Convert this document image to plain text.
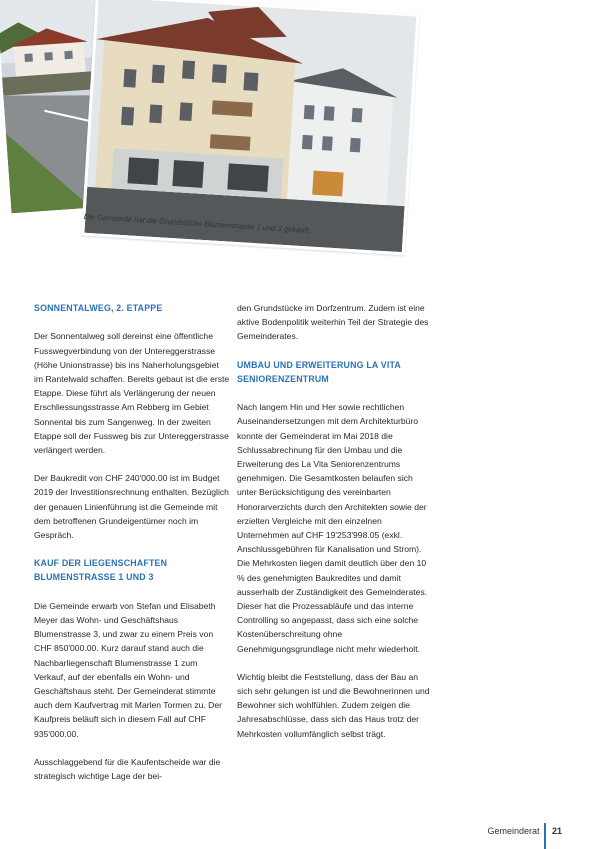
Die Gemeinde hat die Grundstücke Blumenstrasse 1 und 3 gekauft.
SONNENTALWEG, 2. ETAPPE

Der Sonnentalweg soll dereinst eine öffentliche Fusswegverbindung von der Untereggerstrasse (Höhe Unionstrasse) bis ins Naherholungsgebiet im Rantelwald schaffen. Bereits gebaut ist die erste Etappe. Diese führt als Verlängerung der neuen Erschliessungsstrasse Am Rebberg im Gebiet Sonnental bis zum Sangenweg. In der zweiten Etappe soll der Fussweg bis zur Untereggerstrasse verlängert werden.

Der Baukredit von CHF 240'000.00 ist im Budget 2019 der Investitionsrechnung enthalten. Bezüglich der genauen Linienführung ist die Gemeinde mit dem betroffenen Grundeigentümer noch im Gespräch.

KAUF DER LIEGENSCHAFTEN BLUMENSTRASSE 1 UND 3

Die Gemeinde erwarb von Stefan und Elisabeth Meyer das Wohn- und Geschäftshaus Blumenstrasse 3, und zwar zu einem Preis von CHF 850'000.00. Kurz darauf stand auch die Nachbarliegenschaft Blumenstrasse 1 zum Verkauf, auf der ebenfalls ein Wohn- und Geschäftshaus steht. Der Gemeinderat stimmte auch dem Kaufvertrag mit Marlen Tormen zu. Der Kaufpreis beläuft sich in diesem Fall auf CHF 935'000.00.

Ausschlaggebend für die Kaufentscheide war die strategisch wichtige Lage der bei-

den Grundstücke im Dorfzentrum. Zudem ist eine aktive Bodenpolitik weiterhin Teil der Strategie des Gemeinderates.

UMBAU UND ERWEITERUNG LA VITA SENIORENZENTRUM

Nach langem Hin und Her sowie rechtlichen Auseinandersetzungen mit dem Architekturbüro konnte der Gemeinderat im Mai 2018 die Schlussabrechnung für den Umbau und die Erweiterung des La Vita Seniorenzentrums genehmigen. Die Gesamtkosten belaufen sich unter Berücksichtigung des vereinbarten Honorarverzichts durch den Architekten sowie der erzielten Vergleiche mit den einzelnen Unternehmen auf CHF 19'253'998.05 (exkl. Anschlussgebühren für Kanalisation und Strom). Die Mehrkosten liegen damit deutlich über den 10 % des genehmigten Baukredites und damit ausserhalb der Zuständigkeit des Gemeinderates. Dieser hat die Prozessabläufe und das interne Controlling so angepasst, dass sich eine solche Kostenüberschreitung ohne Genehmigungsgrundlage nicht mehr wiederholt.

Wichtig bleibt die Feststellung, dass der Bau an sich sehr gelungen ist und die Bewohnerinnen und Bewohner sich wohlfühlen. Zudem zeigen die Jahresabschlüsse, dass sich das Haus trotz der Mehrkosten vollumfänglich selbst trägt.

Gemeinderat 21
